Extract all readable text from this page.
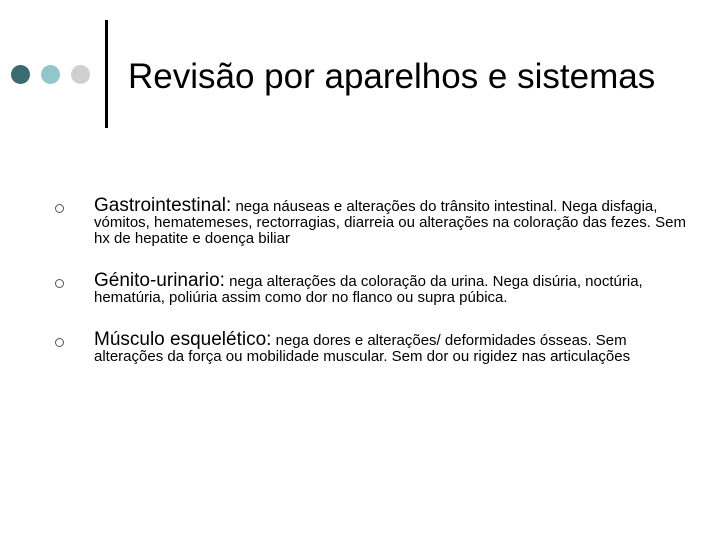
Revisão por aparelhos e sistemas
Gastrointestinal: nega náuseas e alterações do trânsito intestinal. Nega disfagia, vómitos, hematemeses, rectorragias, diarreia ou alterações na coloração das fezes. Sem hx de hepatite e doença biliar
Génito-urinario: nega alterações da coloração da urina. Nega disúria, noctúria, hematúria, poliúria assim como dor no flanco ou supra púbica.
Músculo esquelético: nega dores e alterações/ deformidades ósseas. Sem alterações da força ou mobilidade muscular. Sem dor ou rigidez nas articulações
